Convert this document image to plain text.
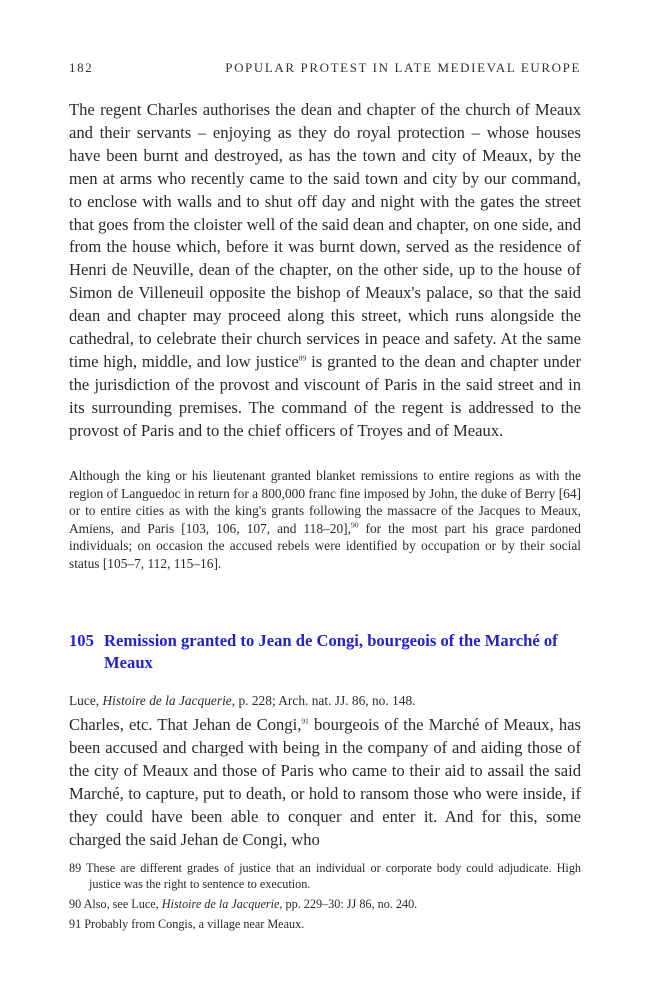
182	POPULAR PROTEST IN LATE MEDIEVAL EUROPE

The regent Charles authorises the dean and chapter of the church of Meaux and their servants – enjoying as they do royal protection – whose houses have been burnt and destroyed, as has the town and city of Meaux, by the men at arms who recently came to the said town and city by our command, to enclose with walls and to shut off day and night with the gates the street that goes from the cloister well of the said dean and chapter, on one side, and from the house which, before it was burnt down, served as the residence of Henri de Neuville, dean of the chapter, on the other side, up to the house of Simon de Villeneuil opposite the bishop of Meaux's palace, so that the said dean and chapter may proceed along this street, which runs alongside the cathedral, to celebrate their church services in peace and safety. At the same time high, middle, and low justice$^{89}$ is granted to the dean and chapter under the jurisdiction of the provost and viscount of Paris in the said street and in its surrounding premises. The command of the regent is addressed to the provost of Paris and to the chief officers of Troyes and of Meaux.

Although the king or his lieutenant granted blanket remissions to entire regions as with the region of Languedoc in return for a 800,000 franc fine imposed by John, the duke of Berry [64] or to entire cities as with the king's grants following the massacre of the Jacques to Meaux, Amiens, and Paris [103, 106, 107, and 118–20],$^{90}$ for the most part his grace pardoned individuals; on occasion the accused rebels were identified by occupation or by their social status [105–7, 112, 115–16].

105 Remission granted to Jean de Congi, bourgeois of the Marché of Meaux

Luce, Histoire de la Jacquerie, p. 228; Arch. nat. JJ. 86, no. 148.

Charles, etc. That Jehan de Congi,$^{91}$ bourgeois of the Marché of Meaux, has been accused and charged with being in the company of and aiding those of the city of Meaux and those of Paris who came to their aid to assail the said Marché, to capture, put to death, or hold to ransom those who were inside, if they could have been able to conquer and enter it. And for this, some charged the said Jehan de Congi, who

89 These are different grades of justice that an individual or corporate body could adjudicate. High justice was the right to sentence to execution.

90 Also, see Luce, Histoire de la Jacquerie, pp. 229–30: JJ 86, no. 240.

91 Probably from Congis, a village near Meaux.
